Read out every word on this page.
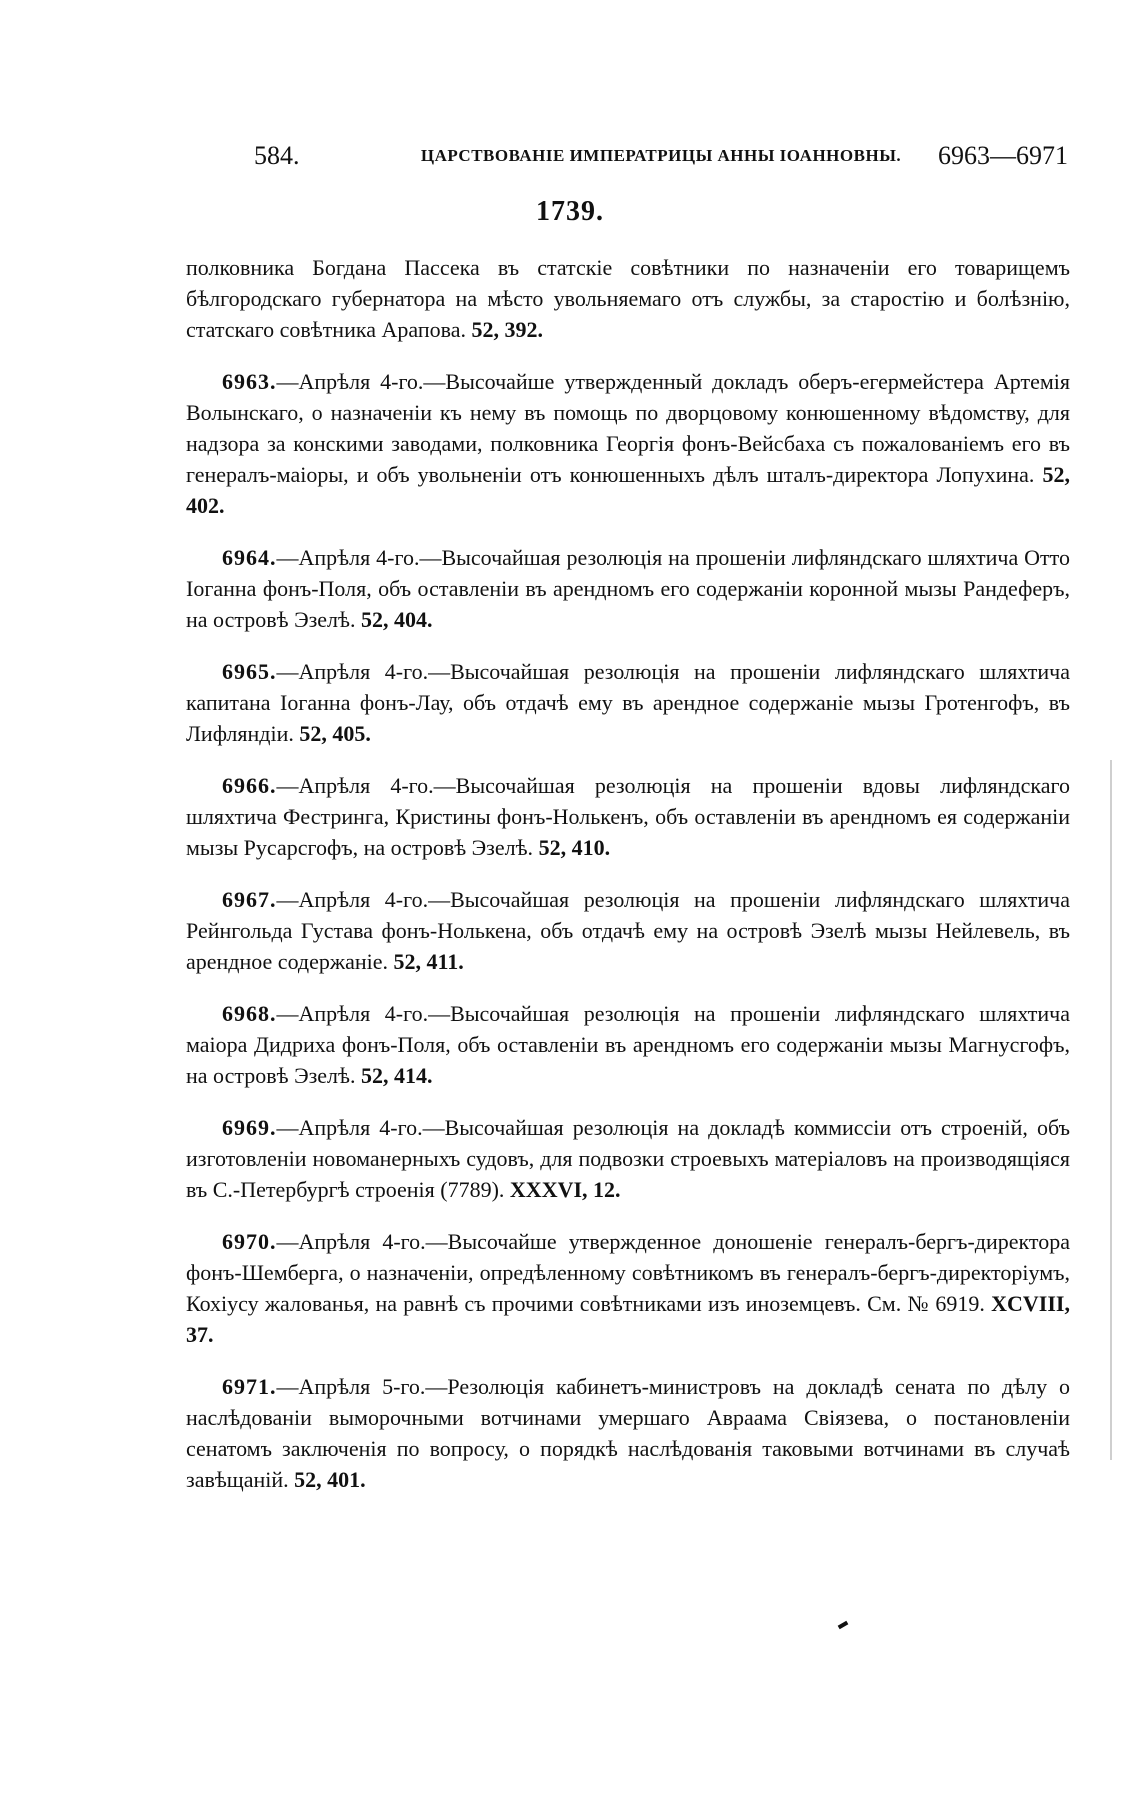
584.	ЦАРСТВОВАНІЕ ИМПЕРАТРИЦЫ АННЫ ІОАННОВНЫ.	6963—6971
1739.

полковника Богдана Пассека въ статскіе совѣтники по назначеніи его товарищемъ бѣлгородскаго губернатора на мѣсто увольняемаго отъ службы, за старостію и болѣзнію, статскаго совѣтника Арапова. 52, 392.

6963.—Апрѣля 4-го.—Высочайше утвержденный докладъ оберъ-егермейстера Артемія Волынскаго, о назначеніи къ нему въ помощь по дворцовому конюшенному вѣдомству, для надзора за конскими заводами, полковника Георгія фонъ-Вейсбаха съ пожалованіемъ его въ генералъ-маіоры, и объ увольненіи отъ конюшенныхъ дѣлъ шталъ-директора Лопухина. 52, 402.

6964.—Апрѣля 4-го.—Высочайшая резолюція на прошеніи лифляндскаго шляхтича Отто Іоганна фонъ-Поля, объ оставленіи въ арендномъ его содержаніи коронной мызы Рандеферъ, на островѣ Эзелѣ. 52, 404.

6965.—Апрѣля 4-го.—Высочайшая резолюція на прошеніи лифляндскаго шляхтича капитана Іоганна фонъ-Лау, объ отдачѣ ему въ арендное содержаніе мызы Гротенгофъ, въ Лифляндіи. 52, 405.

6966.—Апрѣля 4-го.—Высочайшая резолюція на прошеніи вдовы лифляндскаго шляхтича Фестринга, Кристины фонъ-Нолькенъ, объ оставленіи въ арендномъ ея содержаніи мызы Русарсгофъ, на островѣ Эзелѣ. 52, 410.

6967.—Апрѣля 4-го.—Высочайшая резолюція на прошеніи лифляндскаго шляхтича Рейнгольда Густава фонъ-Нолькена, объ отдачѣ ему на островѣ Эзелѣ мызы Нейлевель, въ арендное содержаніе. 52, 411.

6968.—Апрѣля 4-го.—Высочайшая резолюція на прошеніи лифляндскаго шляхтича маіора Дидриха фонъ-Поля, объ оставленіи въ арендномъ его содержаніи мызы Магнусгофъ, на островѣ Эзелѣ. 52, 414.

6969.—Апрѣля 4-го.—Высочайшая резолюція на докладѣ коммиссіи отъ строеній, объ изготовленіи новоманерныхъ судовъ, для подвозки строевыхъ матеріаловъ на производящіяся въ С.-Петербургѣ строенія (7789). XXXVI, 12.

6970.—Апрѣля 4-го.—Высочайше утвержденное доношеніе генералъ-бергъ-директора фонъ-Шемберга, о назначеніи, опредѣленному совѣтникомъ въ генералъ-бергъ-директоріумъ, Кохіусу жалованья, на равнѣ съ прочими совѣтниками изъ иноземцевъ. См. № 6919. XCVIII, 37.

6971.—Апрѣля 5-го.—Резолюція кабинетъ-министровъ на докладѣ сената по дѣлу о наслѣдованіи выморочными вотчинами умершаго Авраама Свіязева, о постановленіи сенатомъ заключенія по вопросу, о порядкѣ наслѣдованія таковыми вотчинами въ случаѣ завѣщаній. 52, 401.
